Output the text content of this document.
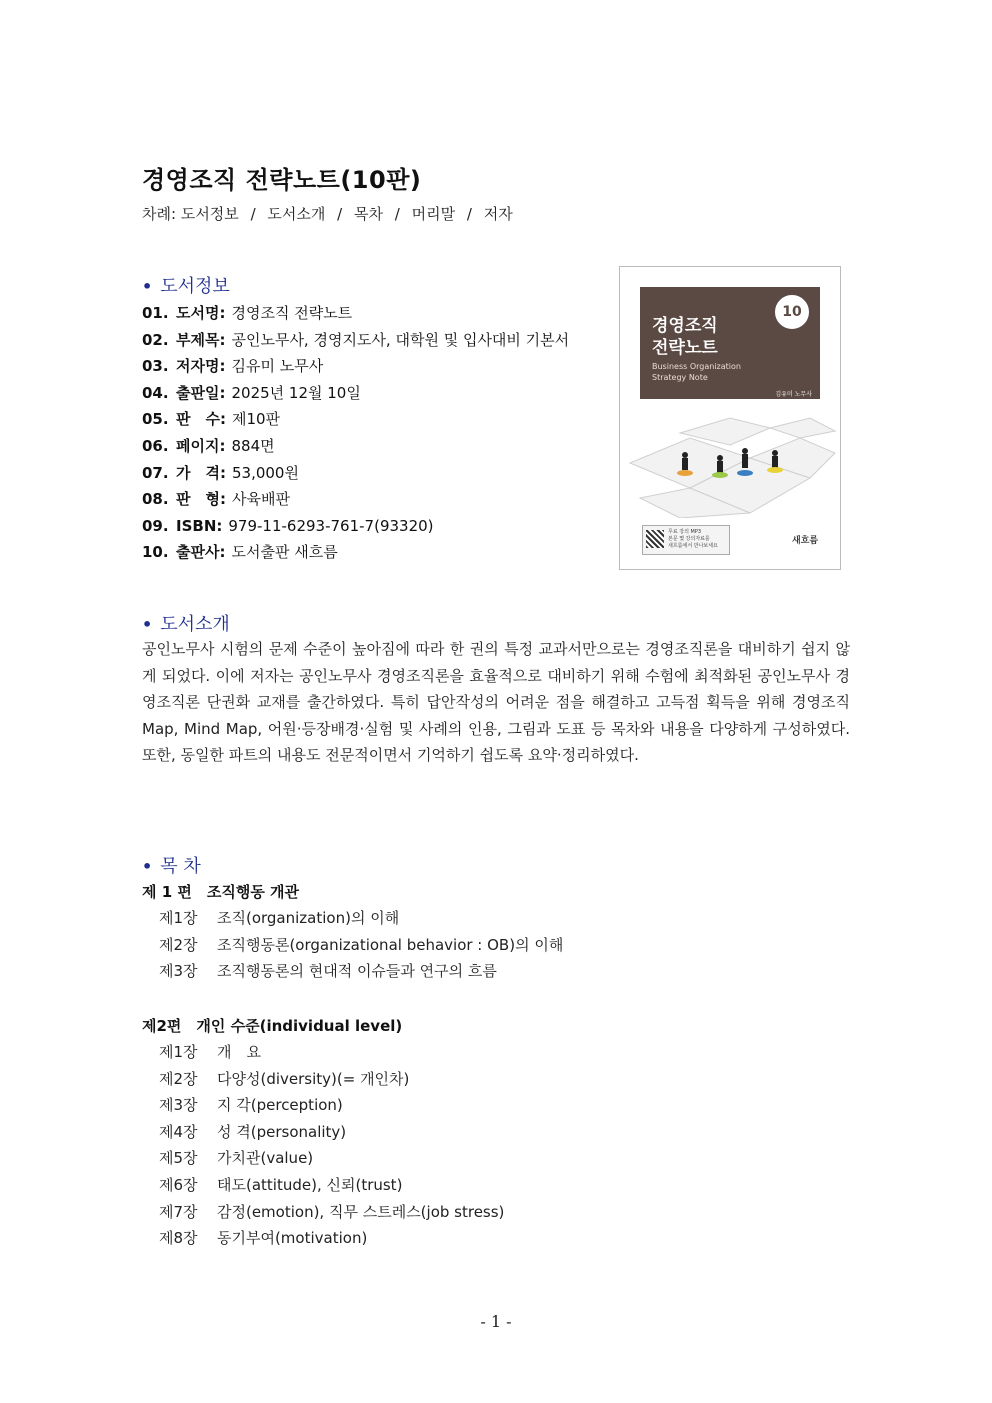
경영조직 전략노트(10판)
차례: 도서정보 / 도서소개 / 목차 / 머리말 / 저자
• 도서정보
01. 도서명: 경영조직 전략노트
02. 부제목: 공인노무사, 경영지도사, 대학원 및 입사대비 기본서
03. 저자명: 김유미 노무사
04. 출판일: 2025년 12월 10일
05. 판　수: 제10판
06. 페이지: 884면
07. 가　격: 53,000원
08. 판　형: 사육배판
09. ISBN: 979-11-6293-761-7(93320)
10. 출판사: 도서출판 새흐름
경영조직
전략노트
Business Organization
Strategy Note
김유미 노무사
10
무료 강의 MP3
본문 몇 강의자료를
새흐름에서 만나보세요	새흐름
• 도서소개

공인노무사 시험의 문제 수준이 높아짐에 따라 한 권의 특정 교과서만으로는 경영조직론을 대비하기 쉽지 않게 되었다. 이에 저자는 공인노무사 경영조직론을 효율적으로 대비하기 위해 수험에 최적화된 공인노무사 경영조직론 단권화 교재를 출간하였다. 특히 답안작성의 어려운 점을 해결하고 고득점 획득을 위해 경영조직 Map, Mind Map, 어원·등장배경·실험 및 사례의 인용, 그림과 도표 등 목차와 내용을 다양하게 구성하였다. 또한, 동일한 파트의 내용도 전문적이면서 기억하기 쉽도록 요약·정리하였다.

• 목 차
제 1 편　조직행동 개관
제1장 조직(organization)의 이해
제2장 조직행동론(organizational behavior : OB)의 이해
제3장 조직행동론의 현대적 이슈들과 연구의 흐름
제2편　개인 수준(individual level)
제1장 개　요
제2장 다양성(diversity)(= 개인차)
제3장 지 각(perception)
제4장 성 격(personality)
제5장 가치관(value)
제6장 태도(attitude), 신뢰(trust)
제7장 감정(emotion), 직무 스트레스(job stress)
제8장 동기부여(motivation)
- 1 -
